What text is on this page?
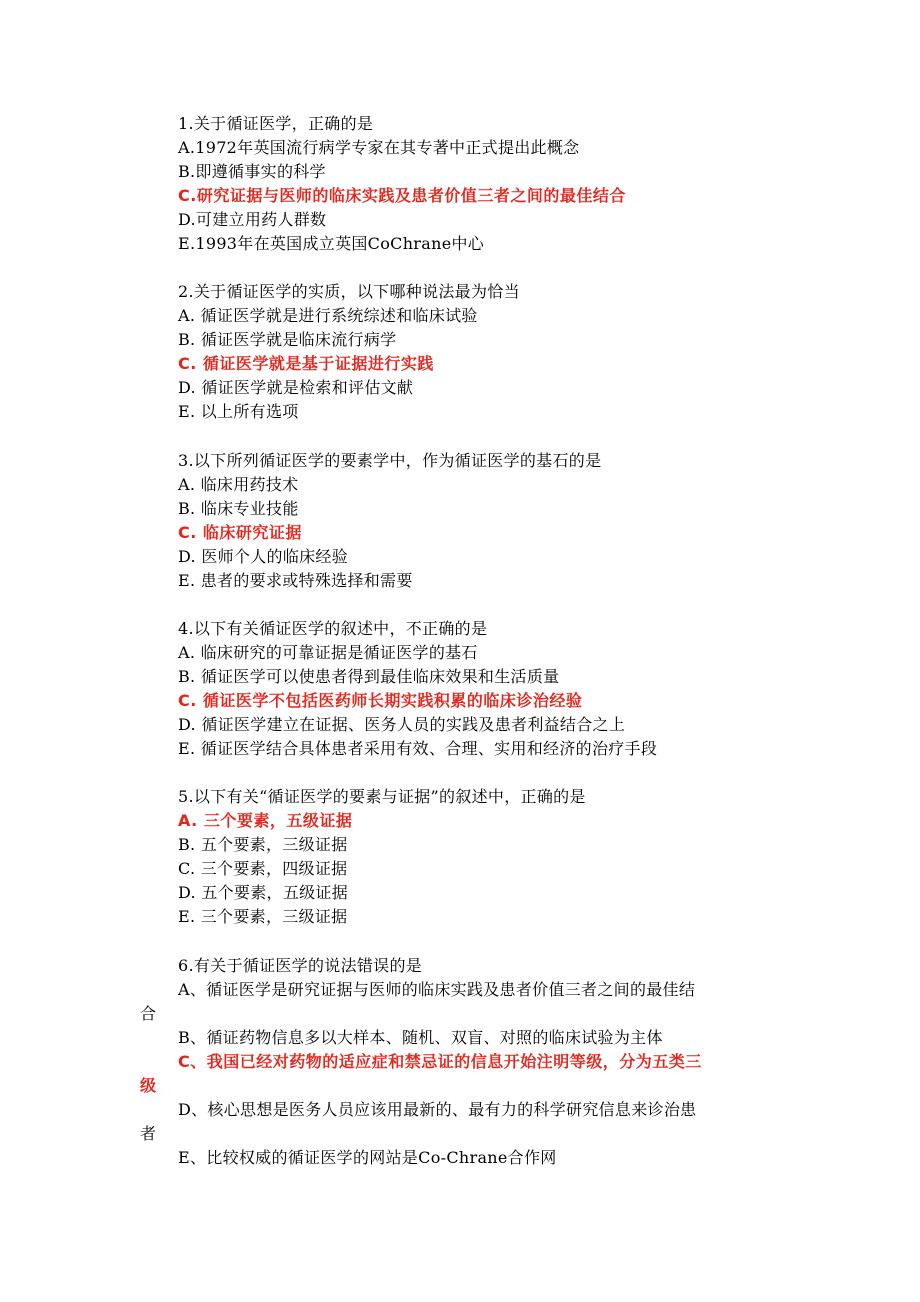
1.关于循证医学，正确的是
A.1972年英国流行病学专家在其专著中正式提出此概念
B.即遵循事实的科学
C.研究证据与医师的临床实践及患者价值三者之间的最佳结合
D.可建立用药人群数
E.1993年在英国成立英国CoChrane中心
2.关于循证医学的实质，以下哪种说法最为恰当
A. 循证医学就是进行系统综述和临床试验
B. 循证医学就是临床流行病学
C. 循证医学就是基于证据进行实践
D. 循证医学就是检索和评估文献
E. 以上所有选项
3.以下所列循证医学的要素学中，作为循证医学的基石的是
A. 临床用药技术
B. 临床专业技能
C. 临床研究证据
D. 医师个人的临床经验
E. 患者的要求或特殊选择和需要
4.以下有关循证医学的叙述中，不正确的是
A. 临床研究的可靠证据是循证医学的基石
B. 循证医学可以使患者得到最佳临床效果和生活质量
C. 循证医学不包括医药师长期实践积累的临床诊治经验
D. 循证医学建立在证据、医务人员的实践及患者利益结合之上
E. 循证医学结合具体患者采用有效、合理、实用和经济的治疗手段
5.以下有关“循证医学的要素与证据”的叙述中，正确的是
A. 三个要素，五级证据
B. 五个要素，三级证据
C. 三个要素，四级证据
D. 五个要素，五级证据
E. 三个要素，三级证据
6.有关于循证医学的说法错误的是
A、循证医学是研究证据与医师的临床实践及患者价值三者之间的最佳结
合
B、循证药物信息多以大样本、随机、双盲、对照的临床试验为主体
C、我国已经对药物的适应症和禁忌证的信息开始注明等级，分为五类三
级
D、核心思想是医务人员应该用最新的、最有力的科学研究信息来诊治患
者
E、比较权威的循证医学的网站是Co-Chrane合作网
